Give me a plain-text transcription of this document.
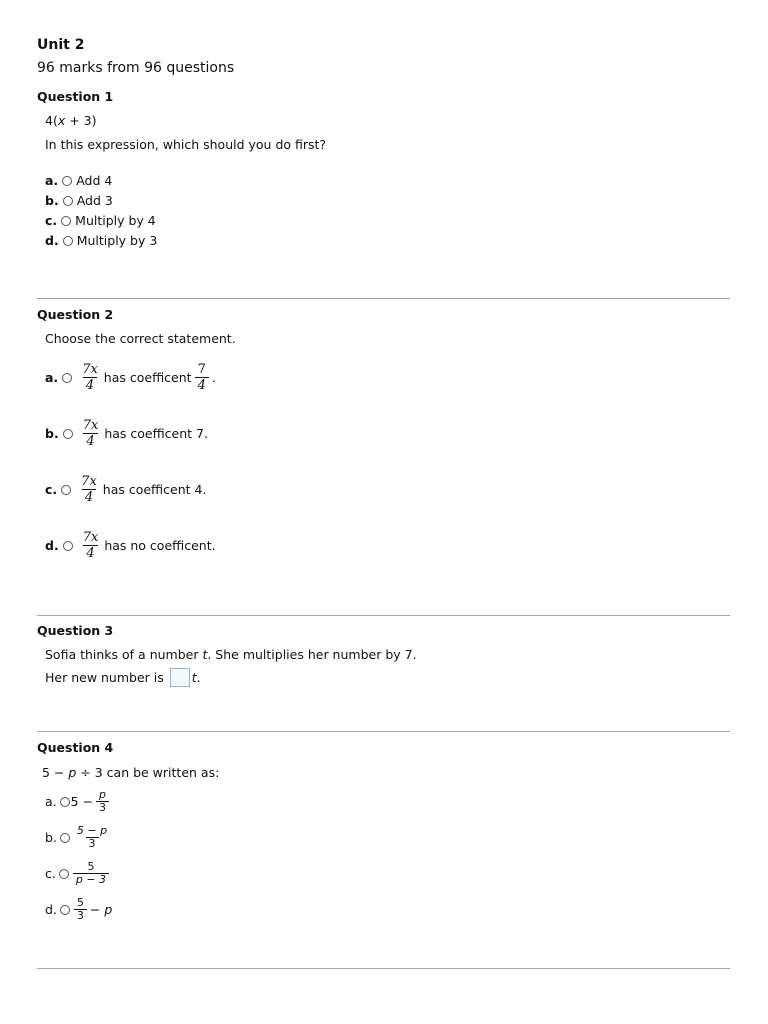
Unit 2
96 marks from 96 questions
Question 1
4(x + 3)
In this expression, which should you do first?
a. Add 4
b. Add 3
c. Multiply by 4
d. Multiply by 3
Question 2
Choose the correct statement.
a. $\frac{7x}{4}$ has coefficent $\frac{7}{4}$ .
b. $\frac{7x}{4}$ has coefficent 7.
c. $\frac{7x}{4}$ has coefficent 4.
d. $\frac{7x}{4}$ has no coefficent.
Question 3
Sofia thinks of a number t. She multiplies her number by 7.
Her new number is t .
Question 4
5 − p ÷ 3 can be written as:
a. $5 - \frac{p}{3}$
b. $\frac{5 - p}{3}$
c. $\frac{5}{p - 3}$
d. $\frac{5}{3} - p$
